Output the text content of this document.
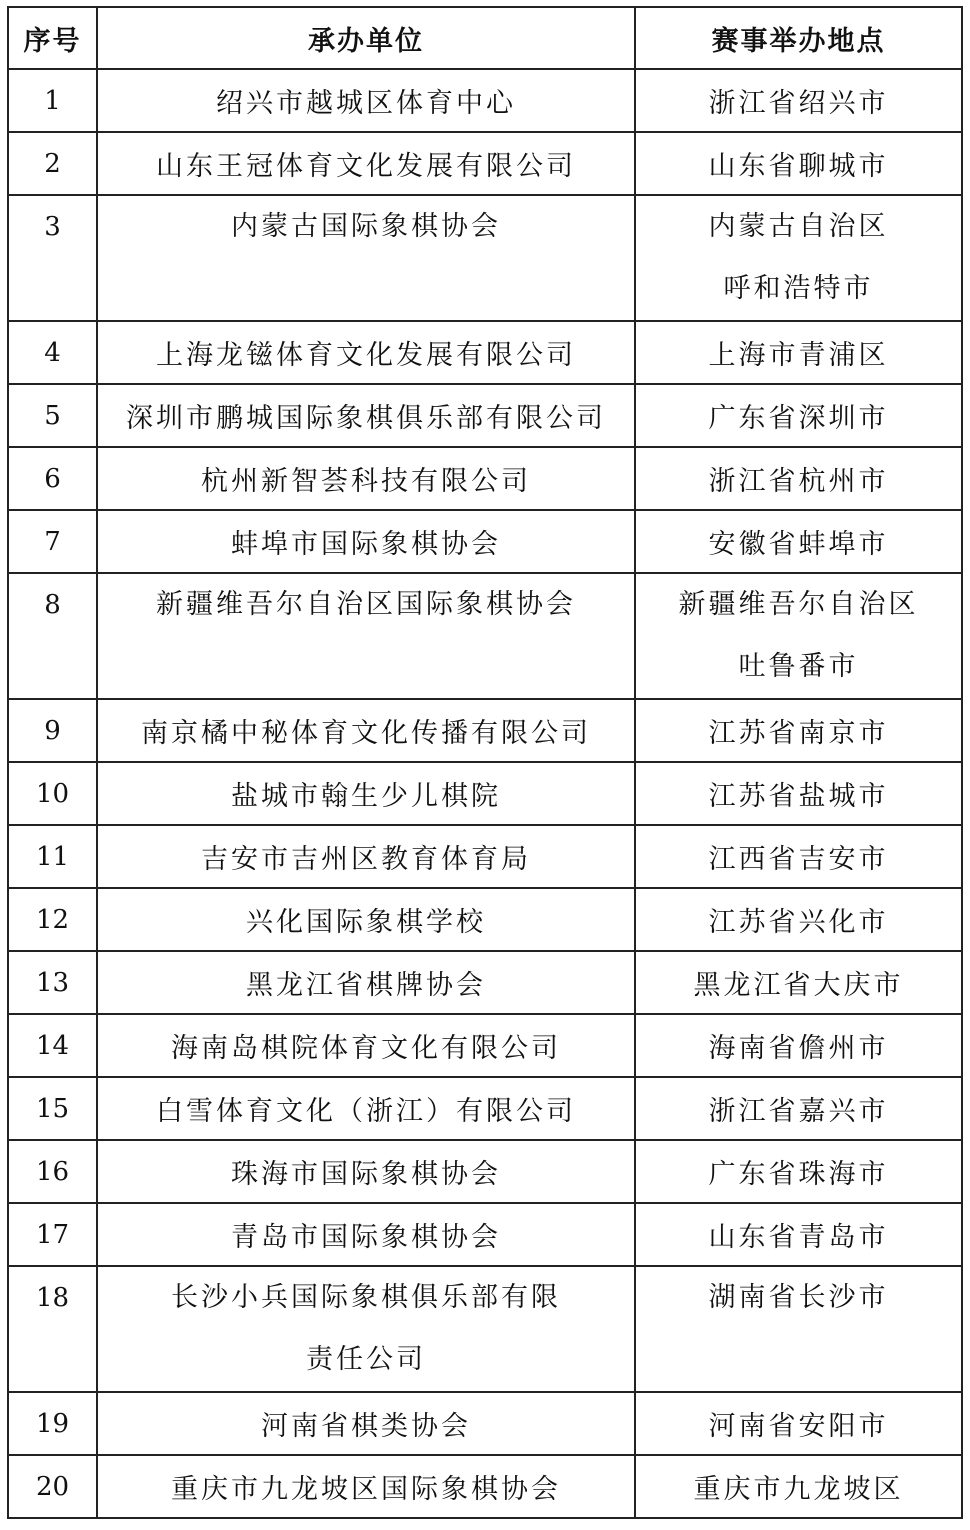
序号	承办单位	赛事举办地点
1	绍兴市越城区体育中心	浙江省绍兴市
2	山东王冠体育文化发展有限公司	山东省聊城市

3	内蒙古国际象棋协会	内蒙古自治区
呼和浩特市

4	上海龙镃体育文化发展有限公司	上海市青浦区
5	深圳市鹏城国际象棋俱乐部有限公司	广东省深圳市
6	杭州新智荟科技有限公司	浙江省杭州市
7	蚌埠市国际象棋协会	安徽省蚌埠市

8	新疆维吾尔自治区国际象棋协会	新疆维吾尔自治区
吐鲁番市

9	南京橘中秘体育文化传播有限公司	江苏省南京市
10	盐城市翰生少儿棋院	江苏省盐城市
11	吉安市吉州区教育体育局	江西省吉安市
12	兴化国际象棋学校	江苏省兴化市
13	黑龙江省棋牌协会	黑龙江省大庆市
14	海南岛棋院体育文化有限公司	海南省儋州市
15	白雪体育文化（浙江）有限公司	浙江省嘉兴市
16	珠海市国际象棋协会	广东省珠海市
17	青岛市国际象棋协会	山东省青岛市

18	长沙小兵国际象棋俱乐部有限
责任公司	湖南省长沙市

19	河南省棋类协会	河南省安阳市
20	重庆市九龙坡区国际象棋协会	重庆市九龙坡区
